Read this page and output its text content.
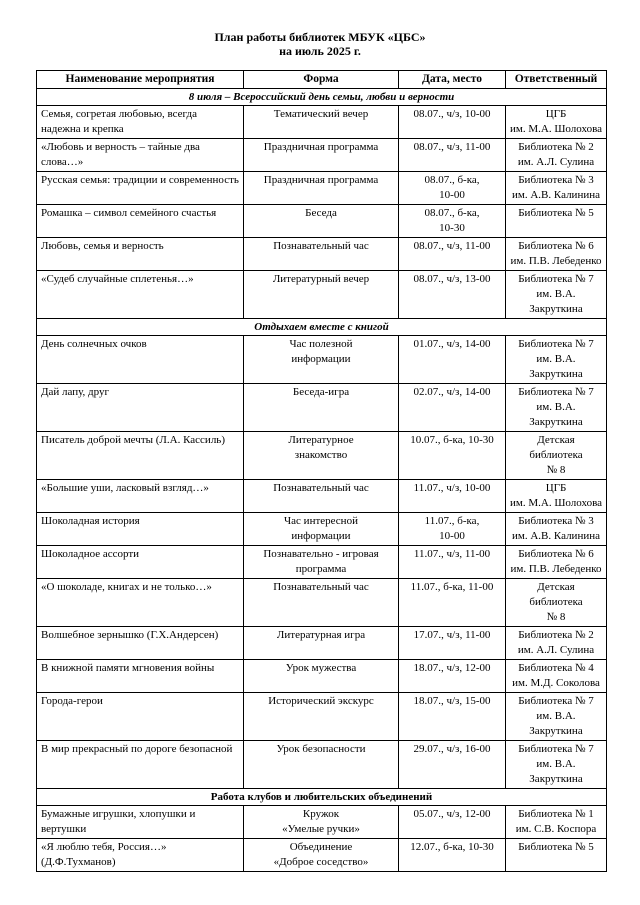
План работы библиотек МБУК «ЦБС»
на июль 2025 г.
Наименование мероприятия	Форма	Дата, место	Ответственный
8 июля – Всероссийский день семьи, любви и верности			
Семья, согретая любовью, всегда надежна и крепка	Тематический вечер	08.07., ч/з, 10-00	ЦГБ
им. М.А. Шолохова
«Любовь и верность – тайные два слова…»	Праздничная программа	08.07., ч/з, 11-00	Библиотека № 2
им. А.Л. Сулина
Русская семья: традиции и современность	Праздничная программа	08.07., б-ка,
10-00	Библиотека № 3
им. А.В. Калинина
Ромашка – символ семейного счастья	Беседа	08.07., б-ка,
10-30	Библиотека № 5
Любовь, семья и верность	Познавательный час	08.07., ч/з, 11-00	Библиотека № 6
им. П.В. Лебеденко
«Судеб случайные сплетенья…»	Литературный вечер	08.07., ч/з, 13-00	Библиотека № 7
им. В.А. Закруткина
Отдыхаем вместе с книгой			
День солнечных очков	Час полезной
информации	01.07., ч/з, 14-00	Библиотека № 7
им. В.А. Закруткина
Дай лапу, друг	Беседа-игра	02.07., ч/з, 14-00	Библиотека № 7
им. В.А. Закруткина
Писатель доброй мечты (Л.А. Кассиль)	Литературное
знакомство	10.07., б-ка, 10-30	Детская библиотека
№ 8
«Большие уши, ласковый взгляд…»	Познавательный час	11.07., ч/з, 10-00	ЦГБ
им. М.А. Шолохова
Шоколадная история	Час интересной
информации	11.07., б-ка,
10-00	Библиотека № 3
им. А.В. Калинина
Шоколадное ассорти	Познавательно - игровая
программа	11.07., ч/з, 11-00	Библиотека № 6
им. П.В. Лебеденко
«О шоколаде, книгах и не только…»	Познавательный час	11.07., б-ка, 11-00	Детская библиотека
№ 8
Волшебное зернышко (Г.Х.Андерсен)	Литературная игра	17.07., ч/з, 11-00	Библиотека № 2
им. А.Л. Сулина
В книжной памяти мгновения войны	Урок мужества	18.07., ч/з, 12-00	Библиотека № 4
им. М.Д. Соколова
Города-герои	Исторический экскурс	18.07., ч/з, 15-00	Библиотека № 7
им. В.А. Закруткина
В мир прекрасный по дороге безопасной	Урок безопасности	29.07., ч/з, 16-00	Библиотека № 7
им. В.А. Закруткина
Работа клубов и любительских объединений			
Бумажные игрушки, хлопушки и вертушки	Кружок
«Умелые ручки»	05.07., ч/з, 12-00	Библиотека № 1
им. С.В. Коспора
«Я люблю тебя, Россия…» (Д.Ф.Тухманов)	Объединение
«Доброе соседство»	12.07., б-ка, 10-30	Библиотека № 5
